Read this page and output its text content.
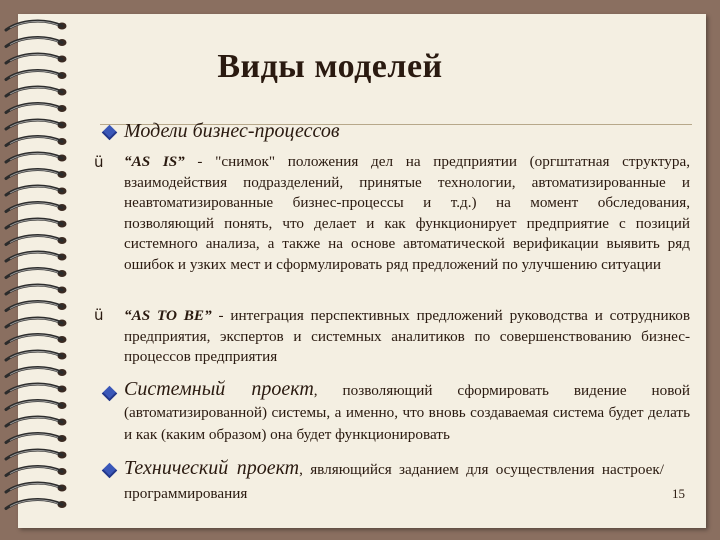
Виды моделей
Модели бизнес-процессов
ü “AS IS” - "снимок" положения дел на предприятии (оргштатная структура, взаимодействия подразделений, принятые технологии, автоматизированные и неавтоматизированные бизнес-процессы и т.д.) на момент обследования, позволяющий понять, что делает и как функционирует предприятие с позиций системного анализа, а также на основе автоматической верификации выявить ряд ошибок и узких мест и сформулировать ряд предложений по улучшению ситуации
ü “AS TO BE” - интеграция перспективных предложений руководства и сотрудников предприятия, экспертов и системных аналитиков по совершенствованию бизнес-процессов предприятия
Системный проект, позволяющий сформировать видение новой (автоматизированной) системы, а именно, что вновь создаваемая система будет делать и как (каким образом) она будет функционировать
Технический проект, являющийся заданием для осуществления настроек/программирования	15
